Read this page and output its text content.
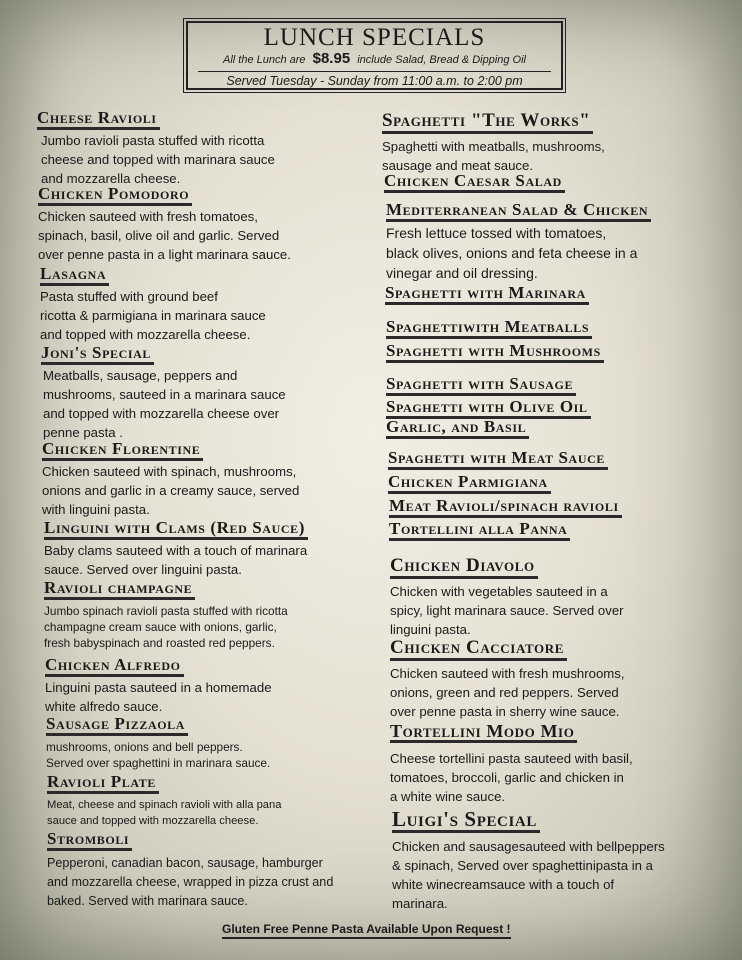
LUNCH SPECIALS
All the Lunch are $8.95 include Salad, Bread & Dipping Oil
Served Tuesday - Sunday from 11:00 a.m. to 2:00 pm
Cheese Ravioli
Jumbo ravioli pasta stuffed with ricotta
cheese and topped with marinara sauce
and mozzarella cheese.
Chicken Pomodoro
Chicken sauteed with fresh tomatoes,
spinach, basil, olive oil and garlic. Served
over penne pasta in a light marinara sauce.
Lasagna
Pasta stuffed with ground beef
ricotta & parmigiana in marinara sauce
and topped with mozzarella cheese.
Joni's Special
Meatballs, sausage, peppers and
mushrooms, sauteed in a marinara sauce
and topped with mozzarella cheese over
penne pasta .
Chicken Florentine
Chicken sauteed with spinach, mushrooms,
onions and garlic in a creamy sauce, served
with linguini pasta.
Linguini with Clams (Red Sauce)
Baby clams sauteed with a touch of marinara
sauce. Served over linguini pasta.
Ravioli champagne
Jumbo spinach ravioli pasta stuffed with ricotta
champagne cream sauce with onions, garlic,
fresh babyspinach and roasted red peppers.
Chicken Alfredo
Linguini pasta sauteed in a homemade
white alfredo sauce.
Sausage Pizzaola
mushrooms, onions and bell peppers.
Served over spaghettini in marinara sauce.
Ravioli Plate
Meat, cheese and spinach ravioli with alla pana
sauce and topped with mozzarella cheese.
Stromboli
Pepperoni, canadian bacon, sausage, hamburger
and mozzarella cheese, wrapped in pizza crust and
baked. Served with marinara sauce.
Spaghetti "The Works"
Spaghetti with meatballs, mushrooms,
sausage and meat sauce.
Chicken Caesar Salad
Mediterranean Salad & Chicken
Fresh lettuce tossed with tomatoes,
black olives, onions and feta cheese in a
vinegar and oil dressing.
Spaghetti with Marinara
Spaghettiwith Meatballs
Spaghetti with Mushrooms
Spaghetti with Sausage
Spaghetti with Olive Oil
Garlic, and Basil
Spaghetti with Meat Sauce
Chicken Parmigiana
Meat Ravioli/spinach ravioli
Tortellini alla Panna
Chicken Diavolo
Chicken with vegetables sauteed in a
spicy, light marinara sauce. Served over
linguini pasta.
Chicken Cacciatore
Chicken sauteed with fresh mushrooms,
onions, green and red peppers. Served
over penne pasta in sherry wine sauce.
Tortellini Modo Mio
Cheese tortellini pasta sauteed with basil,
tomatoes, broccoli, garlic and chicken in
a white wine sauce.
Luigi's Special
Chicken and sausagesauteed with bellpeppers
& spinach, Served over spaghettinipasta in a
white winecreamsauce with a touch of
marinara.
Gluten Free Penne Pasta Available Upon Request !
